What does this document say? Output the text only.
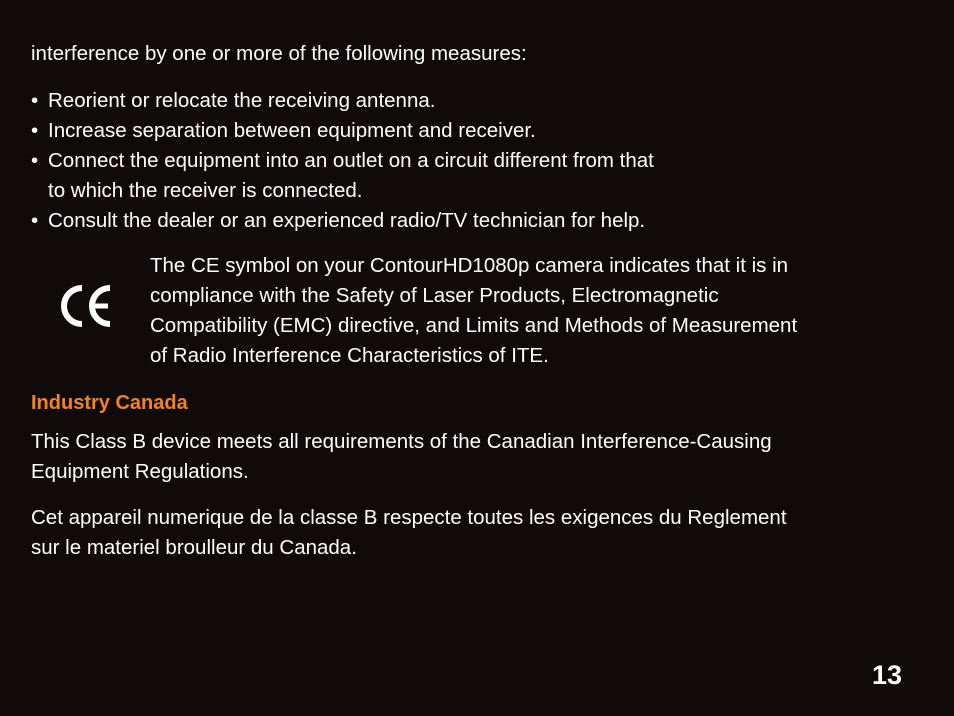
interference by one or more of the following measures:
• Reorient or relocate the receiving antenna.
• Increase separation between equipment and receiver.
• Connect the equipment into an outlet on a circuit different from that
to which the receiver is connected.
• Consult the dealer or an experienced radio/TV technician for help.
The CE symbol on your ContourHD1080p camera indicates that it is in
compliance with the Safety of Laser Products, Electromagnetic
Compatibility (EMC) directive, and Limits and Methods of Measurement
of Radio Interference Characteristics of ITE.
Industry Canada
This Class B device meets all requirements of the Canadian Interference-Causing
Equipment Regulations.
Cet appareil numerique de la classe B respecte toutes les exigences du Reglement
sur le materiel broulleur du Canada.
13
